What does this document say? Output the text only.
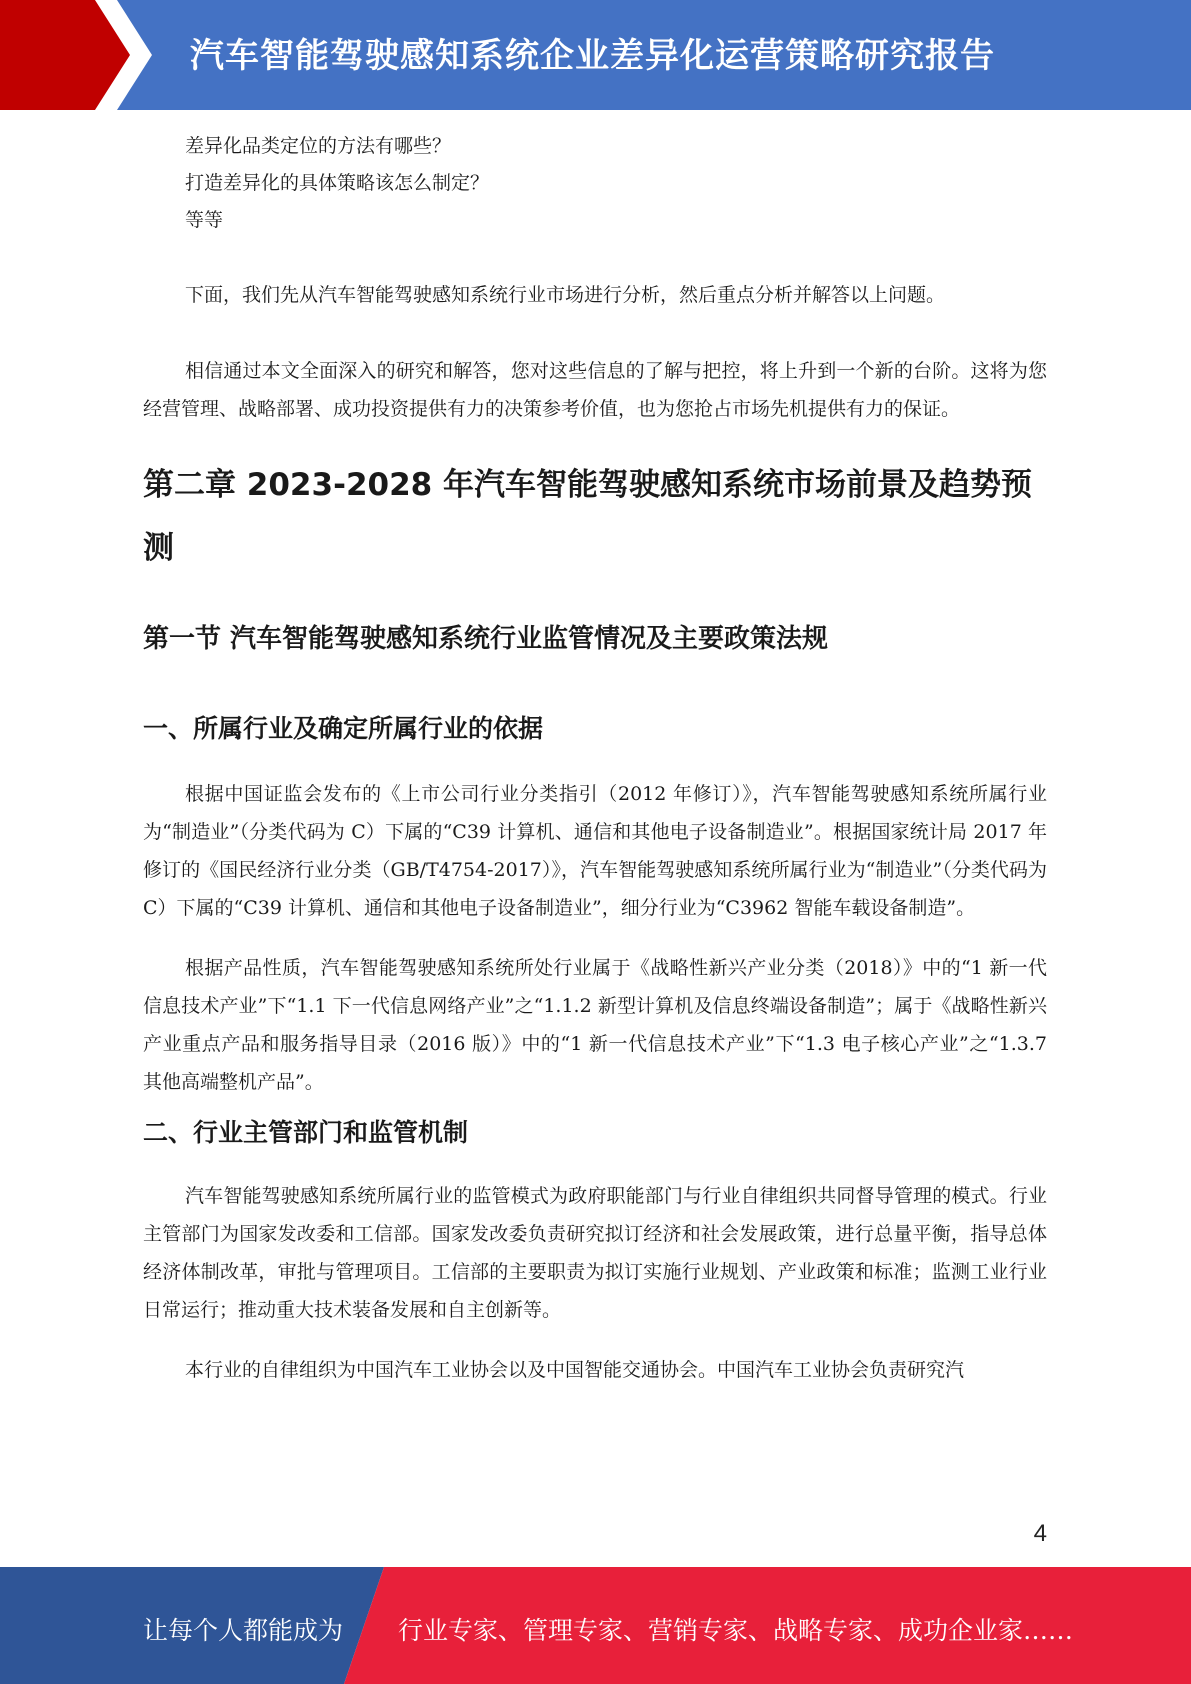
汽车智能驾驶感知系统企业差异化运营策略研究报告

差异化品类定位的方法有哪些？

打造差异化的具体策略该怎么制定？

等等

下面，我们先从汽车智能驾驶感知系统行业市场进行分析，然后重点分析并解答以上问题。

相信通过本文全面深入的研究和解答，您对这些信息的了解与把控，将上升到一个新的台阶。这将为您经营管理、战略部署、成功投资提供有力的决策参考价值，也为您抢占市场先机提供有力的保证。

第二章 2023-2028 年汽车智能驾驶感知系统市场前景及趋势预测
第一节 汽车智能驾驶感知系统行业监管情况及主要政策法规
一、所属行业及确定所属行业的依据

根据中国证监会发布的《上市公司行业分类指引（2012 年修订）》，汽车智能驾驶感知系统所属行业为“制造业”（分类代码为 C）下属的“C39 计算机、通信和其他电子设备制造业”。根据国家统计局 2017 年修订的《国民经济行业分类（GB/T4754-2017）》，汽车智能驾驶感知系统所属行业为“制造业”（分类代码为 C）下属的“C39 计算机、通信和其他电子设备制造业”，细分行业为“C3962 智能车载设备制造”。

根据产品性质，汽车智能驾驶感知系统所处行业属于《战略性新兴产业分类（2018）》中的“1 新一代信息技术产业”下“1.1 下一代信息网络产业”之“1.1.2 新型计算机及信息终端设备制造”；属于《战略性新兴产业重点产品和服务指导目录（2016 版）》中的“1 新一代信息技术产业”下“1.3 电子核心产业”之“1.3.7 其他高端整机产品”。

二、行业主管部门和监管机制

汽车智能驾驶感知系统所属行业的监管模式为政府职能部门与行业自律组织共同督导管理的模式。行业主管部门为国家发改委和工信部。国家发改委负责研究拟订经济和社会发展政策，进行总量平衡，指导总体经济体制改革，审批与管理项目。工信部的主要职责为拟订实施行业规划、产业政策和标准；监测工业行业日常运行；推动重大技术装备发展和自主创新等。

本行业的自律组织为中国汽车工业协会以及中国智能交通协会。中国汽车工业协会负责研究汽

4
让每个人都能成为 行业专家、管理专家、营销专家、战略专家、成功企业家……
